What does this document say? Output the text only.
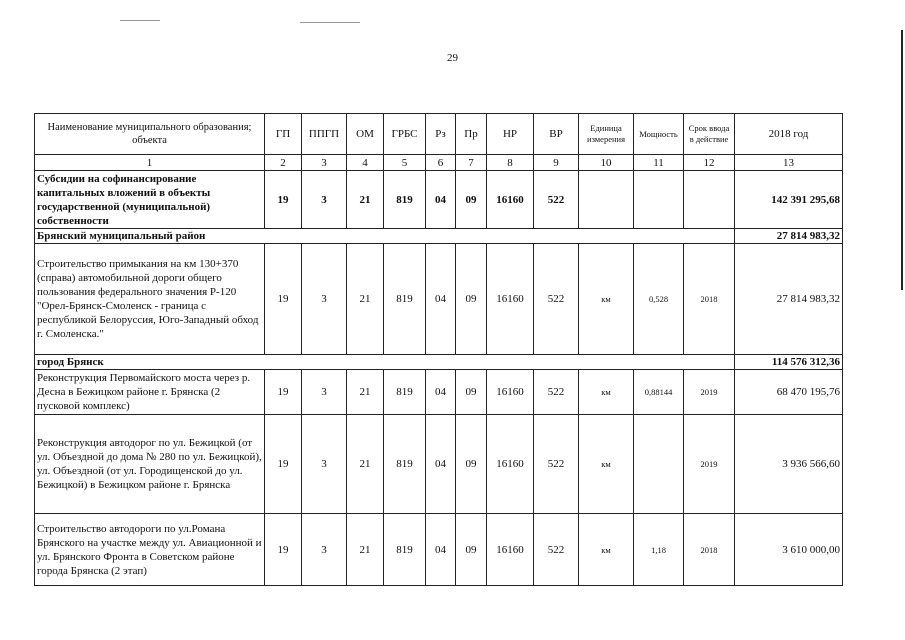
29
Наименование муниципального образования; объекта	ГП	ППГП	ОМ	ГРБС	Рз	Пр	НР	ВР	Единица измерения	Мощность	Срок ввода в действие	2018 год
1	2	3	4	5	6	7	8	9	10	11	12	13
Субсидии на софинансирование капитальных вложений в объекты государственной (муниципальной) собственности	19	3	21	819	04	09	16160	522				142 391 295,68
Брянский муниципальный район												27 814 983,32
Строительство примыкания на км 130+370 (справа) автомобильной дороги общего пользования федерального значения Р-120 "Орел-Брянск-Смоленск - граница с республикой Белоруссия, Юго-Западный обход г. Смоленска."	19	3	21	819	04	09	16160	522	км	0,528	2018	27 814 983,32
город Брянск												114 576 312,36
Реконструкция Первомайского моста через р. Десна в Бежицком районе г. Брянска (2 пусковой комплекс)	19	3	21	819	04	09	16160	522	км	0,88144	2019	68 470 195,76
Реконструкция автодорог по ул. Бежицкой (от ул. Объездной до дома № 280 по ул. Бежицкой), ул. Объездной (от ул. Городищенской до ул. Бежицкой) в Бежицком районе г. Брянска	19	3	21	819	04	09	16160	522	км		2019	3 936 566,60
Строительство автодороги по ул.Романа Брянского на участке между ул. Авиационной и ул. Брянского Фронта в Советском районе города Брянска (2 этап)	19	3	21	819	04	09	16160	522	км	1,18	2018	3 610 000,00
